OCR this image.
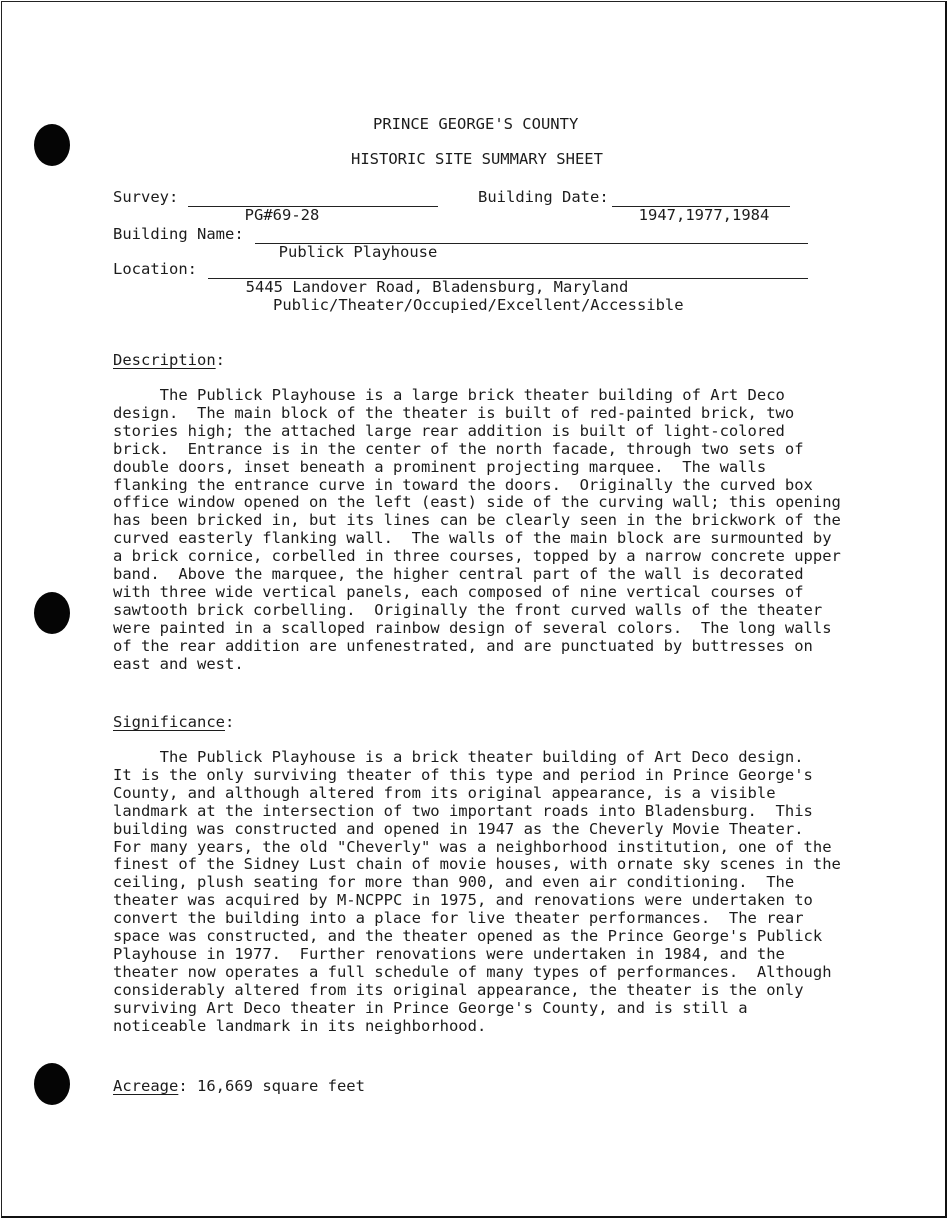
PRINCE GEORGE'S COUNTY
HISTORIC SITE SUMMARY SHEET
Survey:

PG#69-28

Building Date:

1947,1977,1984

Building Name:

Publick Playhouse

Location:

5445 Landover Road, Bladensburg, Maryland

Public/Theater/Occupied/Excellent/Accessible
Description:

The Publick Playhouse is a large brick theater building of Art Deco
design.  The main block of the theater is built of red-painted brick, two
stories high; the attached large rear addition is built of light-colored
brick.  Entrance is in the center of the north facade, through two sets of
double doors, inset beneath a prominent projecting marquee.  The walls
flanking the entrance curve in toward the doors.  Originally the curved box
office window opened on the left (east) side of the curving wall; this opening
has been bricked in, but its lines can be clearly seen in the brickwork of the
curved easterly flanking wall.  The walls of the main block are surmounted by
a brick cornice, corbelled in three courses, topped by a narrow concrete upper
band.  Above the marquee, the higher central part of the wall is decorated
with three wide vertical panels, each composed of nine vertical courses of
sawtooth brick corbelling.  Originally the front curved walls of the theater
were painted in a scalloped rainbow design of several colors.  The long walls
of the rear addition are unfenestrated, and are punctuated by buttresses on
east and west.

Significance:

The Publick Playhouse is a brick theater building of Art Deco design.
It is the only surviving theater of this type and period in Prince George's
County, and although altered from its original appearance, is a visible
landmark at the intersection of two important roads into Bladensburg.  This
building was constructed and opened in 1947 as the Cheverly Movie Theater.
For many years, the old "Cheverly" was a neighborhood institution, one of the
finest of the Sidney Lust chain of movie houses, with ornate sky scenes in the
ceiling, plush seating for more than 900, and even air conditioning.  The
theater was acquired by M-NCPPC in 1975, and renovations were undertaken to
convert the building into a place for live theater performances.  The rear
space was constructed, and the theater opened as the Prince George's Publick
Playhouse in 1977.  Further renovations were undertaken in 1984, and the
theater now operates a full schedule of many types of performances.  Although
considerably altered from its original appearance, the theater is the only
surviving Art Deco theater in Prince George's County, and is still a
noticeable landmark in its neighborhood.

Acreage: 16,669 square feet
